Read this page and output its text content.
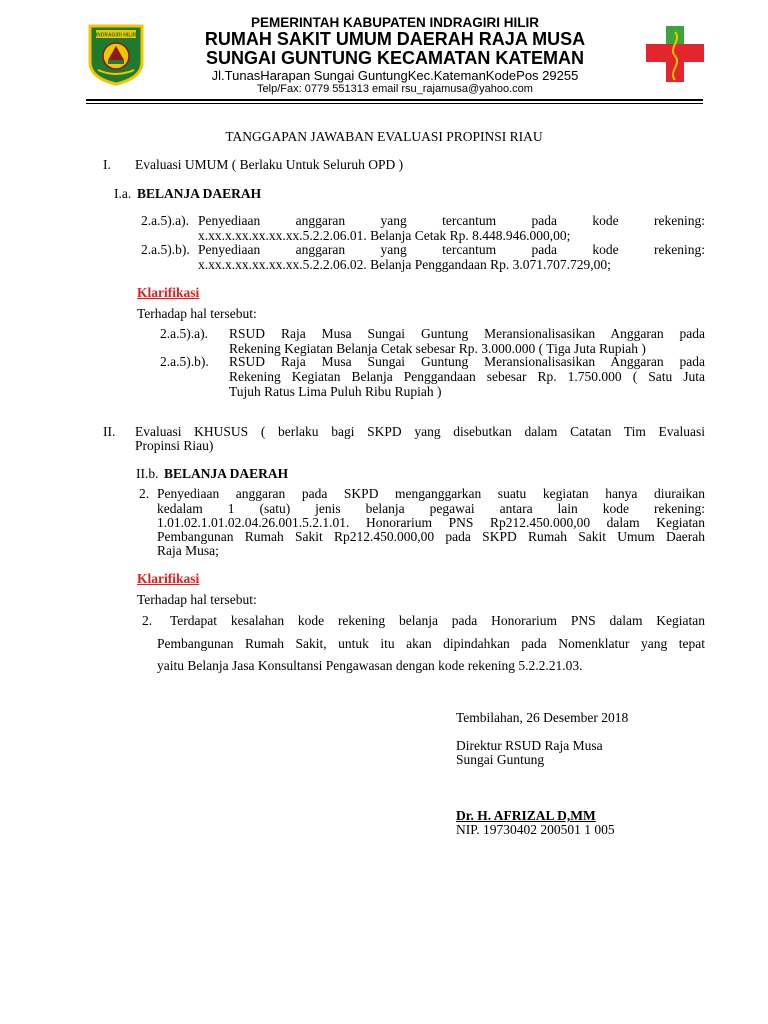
INDRAGIRI HILIR
PEMERINTAH KABUPATEN INDRAGIRI HILIR
RUMAH SAKIT UMUM DAERAH RAJA MUSA
SUNGAI GUNTUNG KECAMATAN KATEMAN
Jl.TunasHarapan Sungai GuntungKec.KatemanKodePos 29255
Telp/Fax: 0779 551313 email rsu_rajamusa@yahoo.com
TANGGAPAN JAWABAN EVALUASI PROPINSI RIAU
I. Evaluasi UMUM ( Berlaku Untuk Seluruh OPD )
I.a. BELANJA DAERAH
2.a.5).a). Penyediaan anggaran yang tercantum pada kode rekening:
x.xx.x.xx.xx.xx.xx.5.2.2.06.01. Belanja Cetak Rp. 8.448.946.000,00;
2.a.5).b). Penyediaan anggaran yang tercantum pada kode rekening:
x.xx.x.xx.xx.xx.xx.5.2.2.06.02. Belanja Penggandaan Rp. 3.071.707.729,00;
Klarifikasi
Terhadap hal tersebut:
2.a.5).a). RSUD Raja Musa Sungai Guntung Meransionalisasikan Anggaran pada
Rekening Kegiatan Belanja Cetak sebesar Rp. 3.000.000 ( Tiga Juta Rupiah )
2.a.5).b). RSUD Raja Musa Sungai Guntung Meransionalisasikan Anggaran pada
Rekening Kegiatan Belanja Penggandaan sebesar Rp. 1.750.000 ( Satu Juta
Tujuh Ratus Lima Puluh Ribu Rupiah )
II. Evaluasi KHUSUS ( berlaku bagi SKPD yang disebutkan dalam Catatan Tim Evaluasi
Propinsi Riau)
II.b. BELANJA DAERAH
2. Penyediaan anggaran pada SKPD menganggarkan suatu kegiatan hanya diuraikan
kedalam 1 (satu) jenis belanja pegawai antara lain kode rekening:
1.01.02.1.01.02.04.26.001.5.2.1.01. Honorarium PNS Rp212.450.000,00 dalam Kegiatan
Pembangunan Rumah Sakit Rp212.450.000,00 pada SKPD Rumah Sakit Umum Daerah
Raja Musa;
Klarifikasi
Terhadap hal tersebut:
2. Terdapat kesalahan kode rekening belanja pada Honorarium PNS dalam Kegiatan
Pembangunan Rumah Sakit, untuk itu akan dipindahkan pada Nomenklatur yang tepat
yaitu Belanja Jasa Konsultansi Pengawasan dengan kode rekening 5.2.2.21.03.
Tembilahan, 26 Desember 2018
Direktur RSUD Raja Musa
Sungai Guntung
Dr. H. AFRIZAL D,MM
NIP. 19730402 200501 1 005
